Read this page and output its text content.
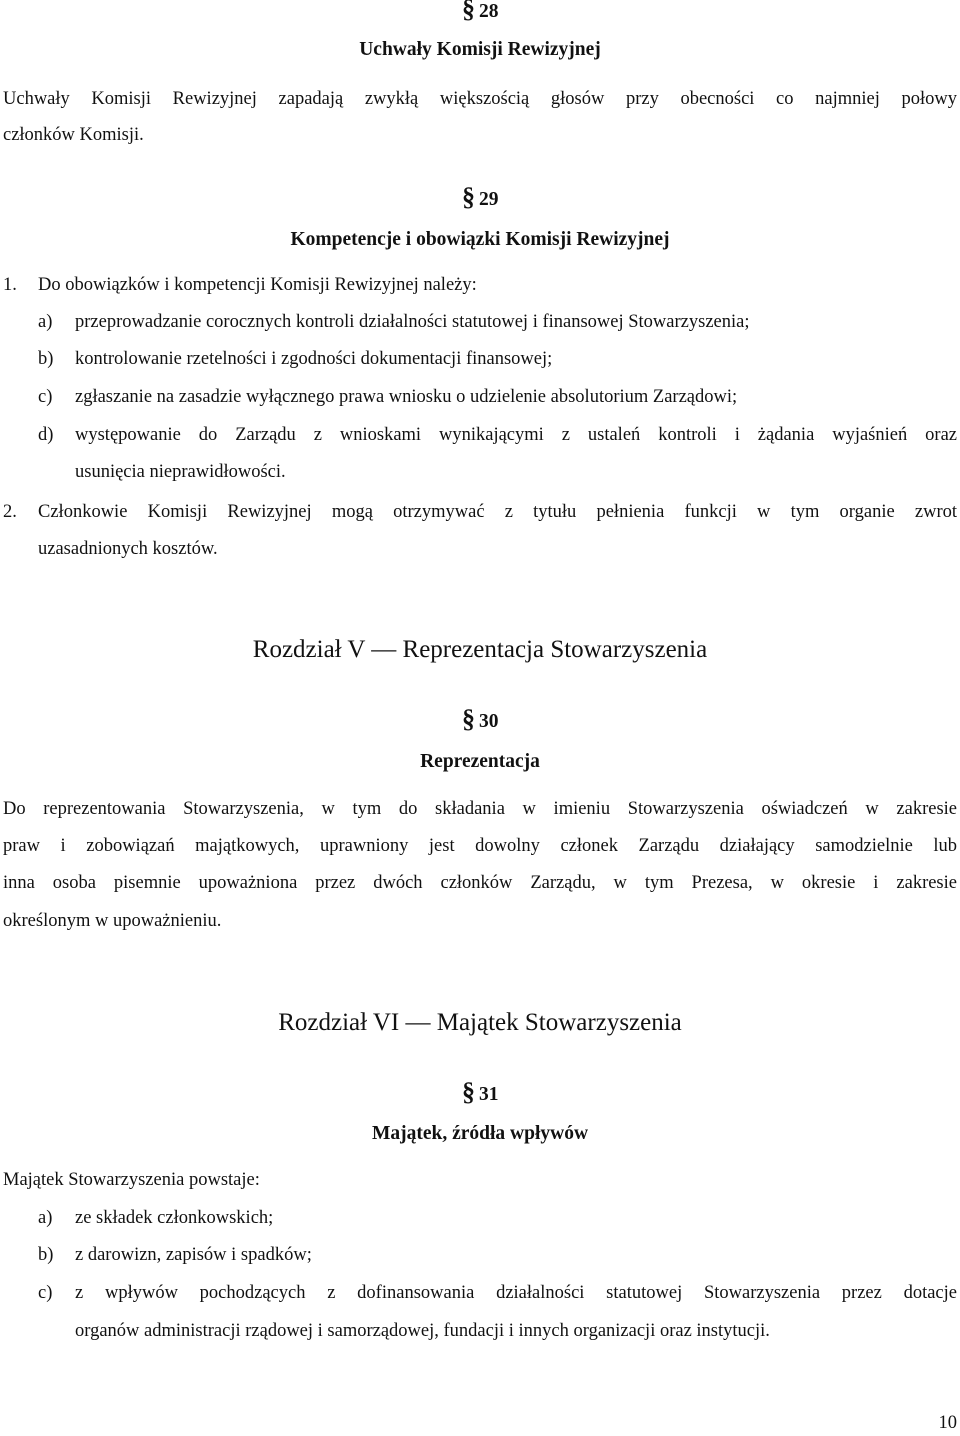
§ 28
Uchwały Komisji Rewizyjnej
Uchwały Komisji Rewizyjnej zapadają zwykłą większością głosów przy obecności co najmniej połowy
członków Komisji.
§ 29
Kompetencje i obowiązki Komisji Rewizyjnej
1. Do obowiązków i kompetencji Komisji Rewizyjnej należy:
a) przeprowadzanie corocznych kontroli działalności statutowej i finansowej Stowarzyszenia;
b) kontrolowanie rzetelności i zgodności dokumentacji finansowej;
c) zgłaszanie na zasadzie wyłącznego prawa wniosku o udzielenie absolutorium Zarządowi;
d) występowanie do Zarządu z wnioskami wynikającymi z ustaleń kontroli i żądania wyjaśnień oraz
usunięcia nieprawidłowości.
2. Członkowie Komisji Rewizyjnej mogą otrzymywać z tytułu pełnienia funkcji w tym organie zwrot
uzasadnionych kosztów.
Rozdział V — Reprezentacja Stowarzyszenia
§ 30
Reprezentacja
Do reprezentowania Stowarzyszenia, w tym do składania w imieniu Stowarzyszenia oświadczeń w zakresie
praw i zobowiązań majątkowych, uprawniony jest dowolny członek Zarządu działający samodzielnie lub
inna osoba pisemnie upoważniona przez dwóch członków Zarządu, w tym Prezesa, w okresie i zakresie
określonym w upoważnieniu.
Rozdział VI — Majątek Stowarzyszenia
§ 31
Majątek, źródła wpływów
Majątek Stowarzyszenia powstaje:
a) ze składek członkowskich;
b) z darowizn, zapisów i spadków;
c) z wpływów pochodzących z dofinansowania działalności statutowej Stowarzyszenia przez dotacje
organów administracji rządowej i samorządowej, fundacji i innych organizacji oraz instytucji.
10
